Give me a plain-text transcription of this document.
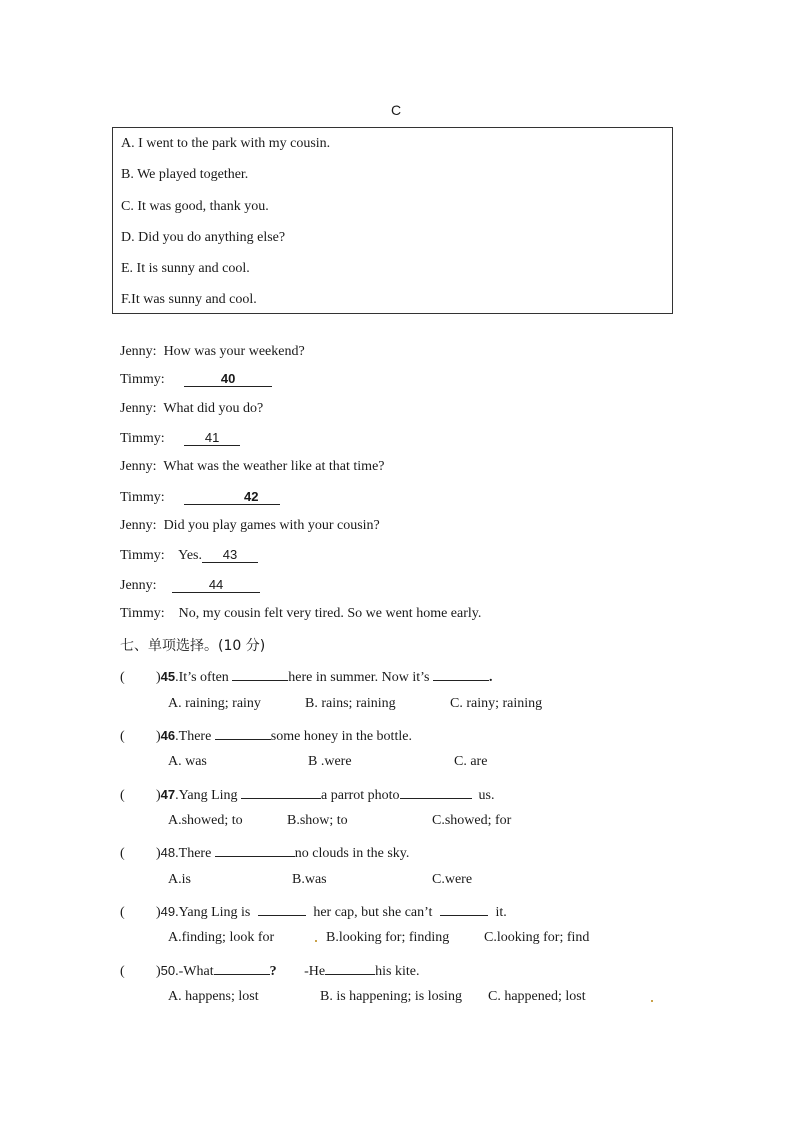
C
A. I went to the park with my cousin.
B. We played together.
C. It was good, thank you.
D. Did you do anything else?
E. It is sunny and cool.
F.It was sunny and cool.
Jenny: How was your weekend?
Timmy:	40
Jenny: What did you do?
Timmy:	41
Jenny: What was the weather like at that time?
Timmy:	42
Jenny: Did you play games with your cousin?
Timmy: Yes. 43
Jenny:	44
Timmy: No, my cousin felt very tired. So we went home early.
七、单项选择。(10 分)
( )45.It’s often	here in summer. Now it’s	.
A. raining; rainy	B. rains; raining	C. rainy; raining
( )46.There	some honey in the bottle.
A. was	B .were	C. are
( )47.Yang Ling	a parrot photo	us.
A.showed; to	B.show; to	C.showed; for
( )48.There	no clouds in the sky.
A.is	B.was	C.were
( )49.Yang Ling is	her cap, but she can’t	it.
A.finding; look for	B.looking for; finding C.looking for; find
( )50.-What	? -He	his kite.
A. happens; lost	B. is happening; is losing C. happened; lost
